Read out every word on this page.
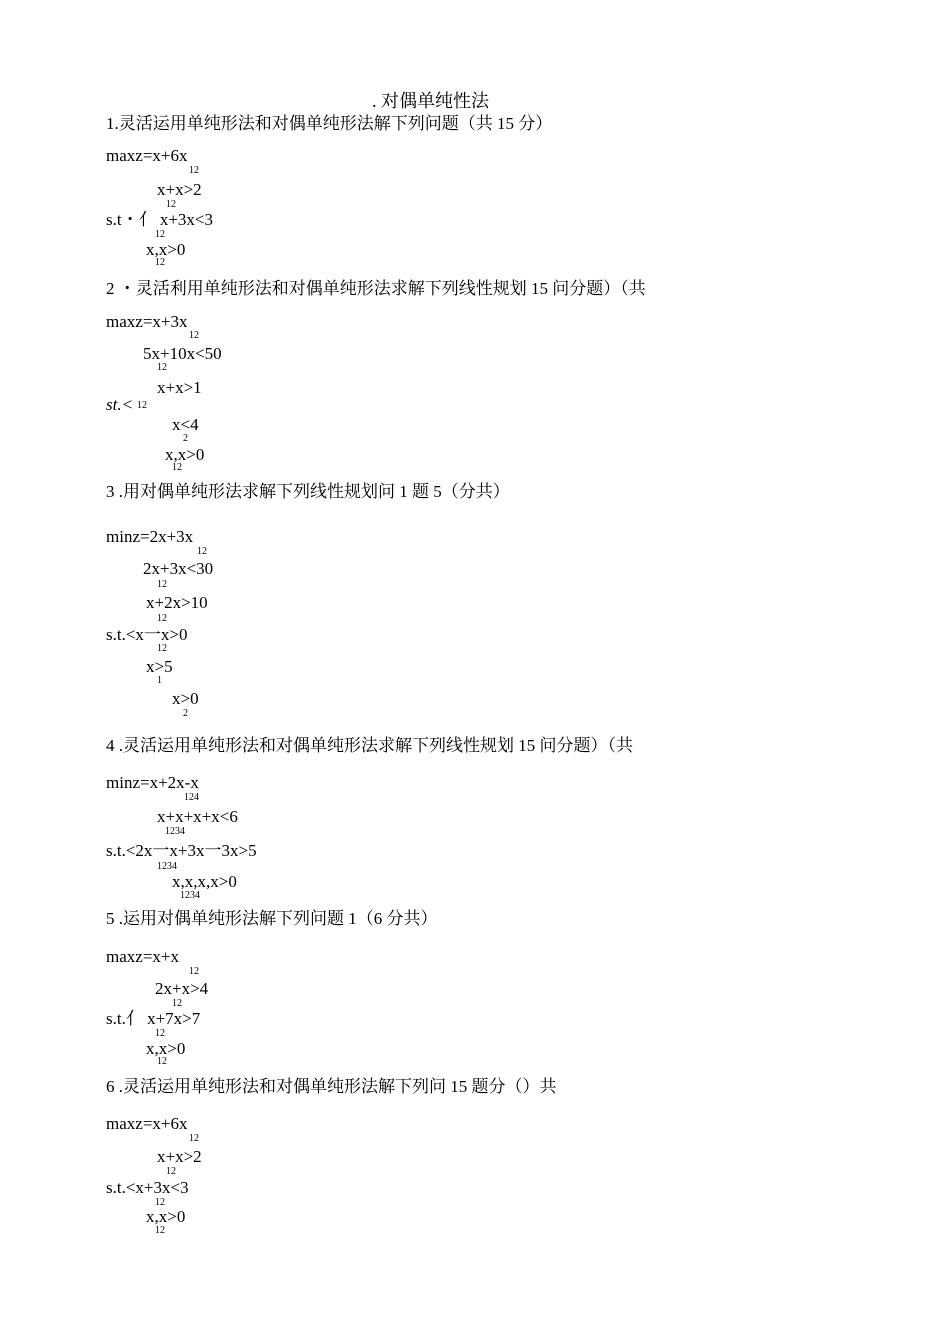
. 对偶单纯性法
1.灵活运用单纯形法和对偶单纯形法解下列问题（共 15 分）
maxz=x+6x
12
x+x>2
12
s.t・亻 x+3x<3
12
x,x>0
12
2 ・灵活利用单纯形法和对偶单纯形法求解下列线性规划 15 问分题）（共
maxz=x+3x
12
5x+10x<50
12
x+x>1
st.< 12
x<4
2
x,x>0
12
3 .用对偶单纯形法求解下列线性规划问 1 题 5（分共）
minz=2x+3x
12
2x+3x<30
12
x+2x>10
12
s.t.<x一x>0
12
x>5
1
x>0
2
4 .灵活运用单纯形法和对偶单纯形法求解下列线性规划 15 问分题）（共
minz=x+2x-x
124
x+x+x+x<6
1234
s.t.<2x一x+3x一3x>5
1234
x,x,x,x>0
1234
5 .运用对偶单纯形法解下列问题 1（6 分共）
maxz=x+x
12
2x+x>4
12
s.t.亻 x+7x>7
12
x,x>0
12
6 .灵活运用单纯形法和对偶单纯形法解下列问 15 题分（）共
maxz=x+6x
12
x+x>2
12
s.t.<x+3x<3
12
x,x>0
12
